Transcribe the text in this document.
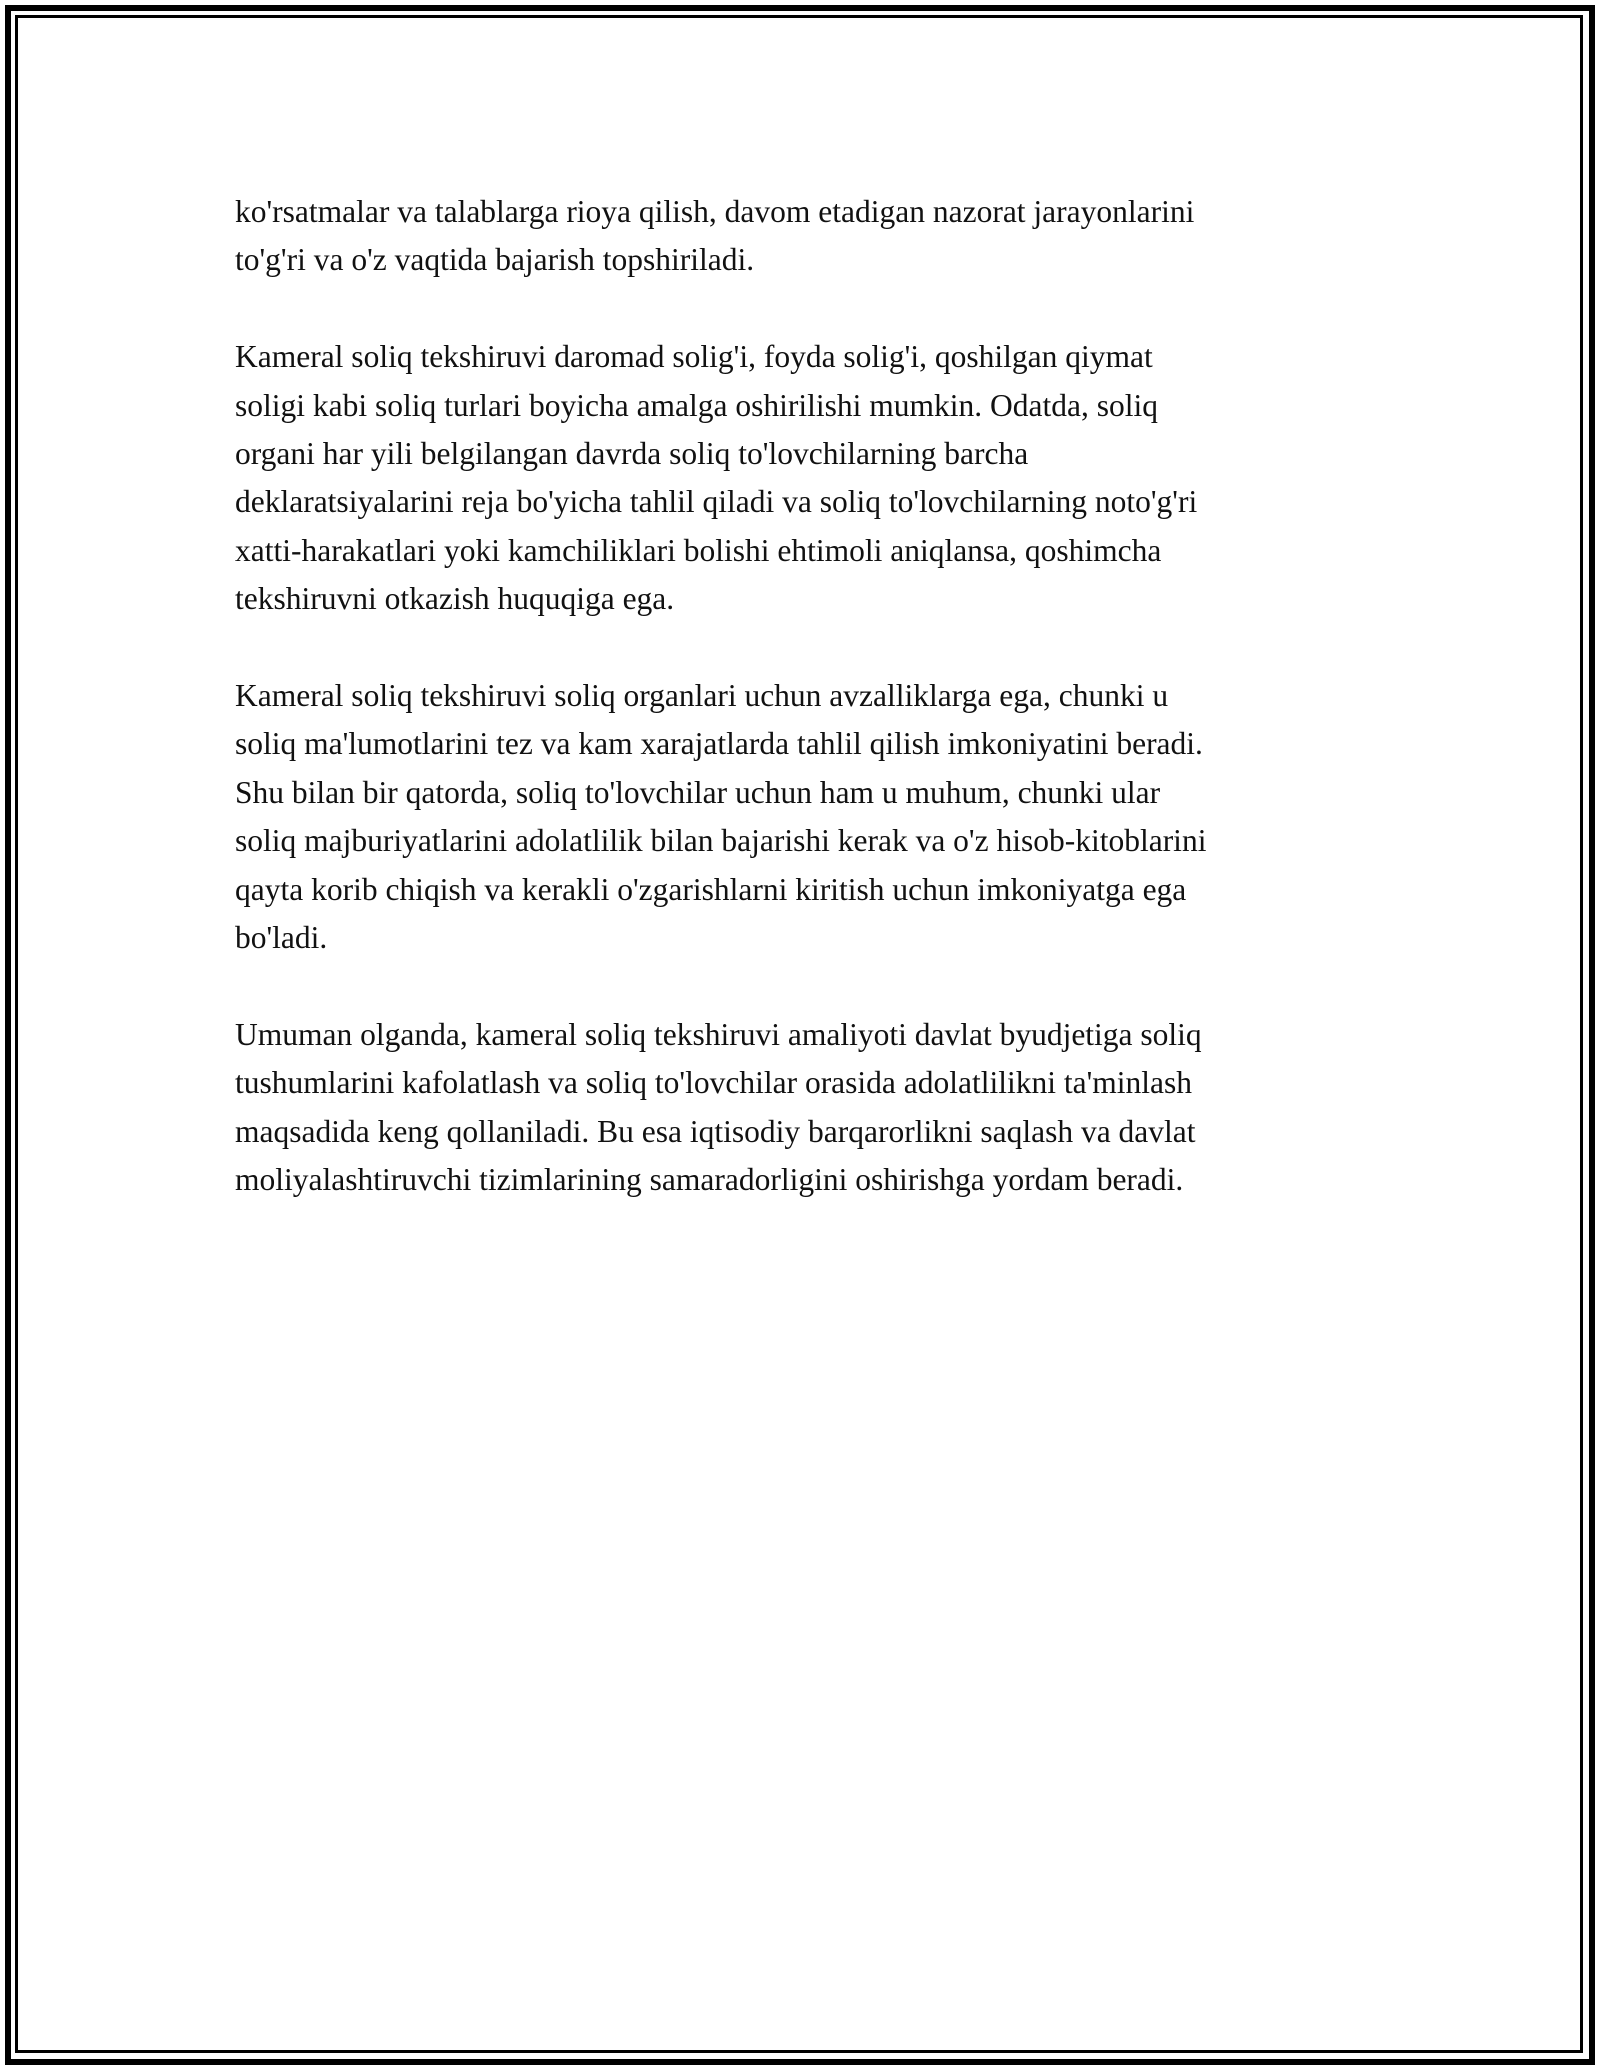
ko'rsatmalar va talablarga rioya qilish, davom etadigan nazorat jarayonlarini
to'g'ri va o'z vaqtida bajarish topshiriladi.

Kameral soliq tekshiruvi daromad solig'i, foyda solig'i, qoshilgan qiymat
soligi kabi soliq turlari boyicha amalga oshirilishi mumkin. Odatda, soliq
organi har yili belgilangan davrda soliq to'lovchilarning barcha
deklaratsiyalarini reja bo'yicha tahlil qiladi va soliq to'lovchilarning noto'g'ri
xatti-harakatlari yoki kamchiliklari bolishi ehtimoli aniqlansa, qoshimcha
tekshiruvni otkazish huquqiga ega.

Kameral soliq tekshiruvi soliq organlari uchun avzalliklarga ega, chunki u
soliq ma'lumotlarini tez va kam xarajatlarda tahlil qilish imkoniyatini beradi.
Shu bilan bir qatorda, soliq to'lovchilar uchun ham u muhum, chunki ular
soliq majburiyatlarini adolatlilik bilan bajarishi kerak va o'z hisob-kitoblarini
qayta korib chiqish va kerakli o'zgarishlarni kiritish uchun imkoniyatga ega
bo'ladi.

Umuman olganda, kameral soliq tekshiruvi amaliyoti davlat byudjetiga soliq
tushumlarini kafolatlash va soliq to'lovchilar orasida adolatlilikni ta'minlash
maqsadida keng qollaniladi. Bu esa iqtisodiy barqarorlikni saqlash va davlat
moliyalashtiruvchi tizimlarining samaradorligini oshirishga yordam beradi.
